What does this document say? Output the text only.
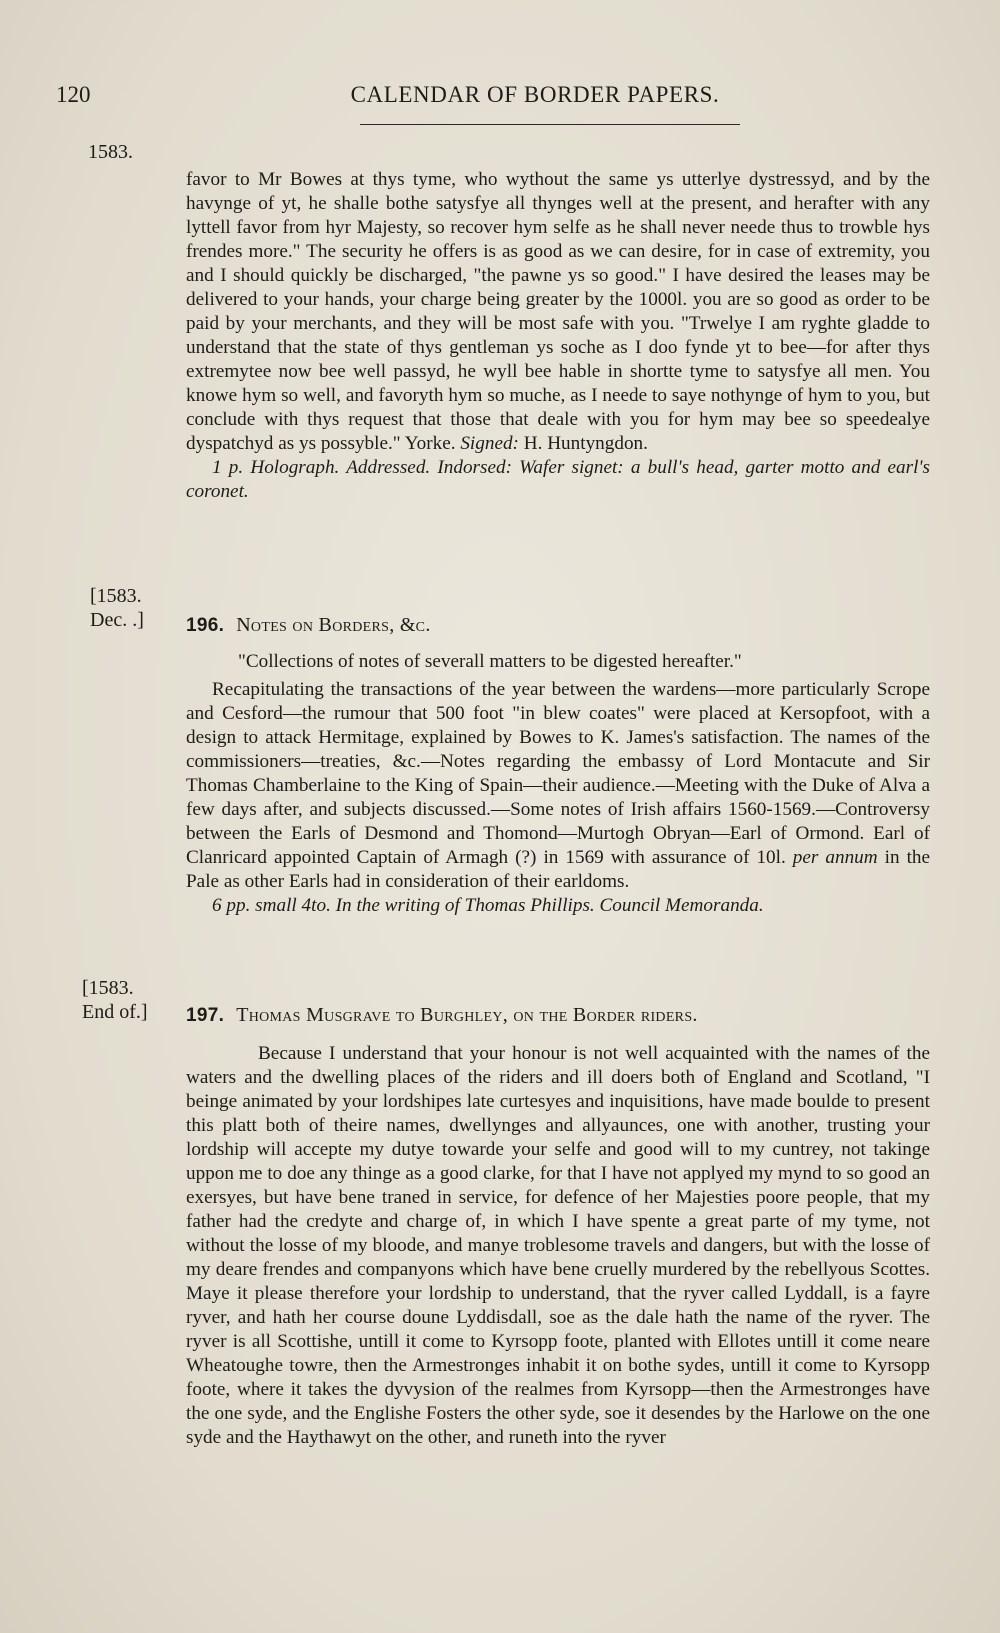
120	CALENDAR OF BORDER PAPERS.
1583.
[1583.
Dec. .]
[1583.
End of.]

favor to Mr Bowes at thys tyme, who wythout the same ys utterlye dystressyd, and by the havynge of yt, he shalle bothe satysfye all thynges well at the present, and herafter with any lyttell favor from hyr Majesty, so recover hym selfe as he shall never neede thus to trowble hys frendes more." The security he offers is as good as we can desire, for in case of extremity, you and I should quickly be discharged, "the pawne ys so good." I have desired the leases may be delivered to your hands, your charge being greater by the 1000l. you are so good as order to be paid by your merchants, and they will be most safe with you. "Trwelye I am ryghte gladde to understand that the state of thys gentleman ys soche as I doo fynde yt to bee—for after thys extremytee now bee well passyd, he wyll bee hable in shortte tyme to satysfye all men. You knowe hym so well, and favoryth hym so muche, as I neede to saye nothynge of hym to you, but conclude with thys request that those that deale with you for hym may bee so speedealye dyspatchyd as ys possyble." Yorke. Signed: H. Huntyngdon.

1 p. Holograph. Addressed. Indorsed: Wafer signet: a bull's head, garter motto and earl's coronet.

196. Notes on Borders, &c.

"Collections of notes of severall matters to be digested hereafter."

Recapitulating the transactions of the year between the wardens—more particularly Scrope and Cesford—the rumour that 500 foot "in blew coates" were placed at Kersopfoot, with a design to attack Hermitage, explained by Bowes to K. James's satisfaction. The names of the commissioners—treaties, &c.—Notes regarding the embassy of Lord Montacute and Sir Thomas Chamberlaine to the King of Spain—their audience.—Meeting with the Duke of Alva a few days after, and subjects discussed.—Some notes of Irish affairs 1560-1569.—Controversy between the Earls of Desmond and Thomond—Murtogh Obryan—Earl of Ormond. Earl of Clanricard appointed Captain of Armagh (?) in 1569 with assurance of 10l. per annum in the Pale as other Earls had in consideration of their earldoms.

6 pp. small 4to. In the writing of Thomas Phillips. Council Memoranda.

197. Thomas Musgrave to Burghley, on the Border riders.

Because I understand that your honour is not well acquainted with the names of the waters and the dwelling places of the riders and ill doers both of England and Scotland, "I beinge animated by your lordshipes late curtesyes and inquisitions, have made boulde to present this platt both of theire names, dwellynges and allyaunces, one with another, trusting your lordship will accepte my dutye towarde your selfe and good will to my cuntrey, not takinge uppon me to doe any thinge as a good clarke, for that I have not applyed my mynd to so good an exersyes, but have bene traned in service, for defence of her Majesties poore people, that my father had the credyte and charge of, in which I have spente a great parte of my tyme, not without the losse of my bloode, and manye troblesome travels and dangers, but with the losse of my deare frendes and companyons which have bene cruelly murdered by the rebellyous Scottes. Maye it please therefore your lordship to understand, that the ryver called Lyddall, is a fayre ryver, and hath her course doune Lyddisdall, soe as the dale hath the name of the ryver. The ryver is all Scottishe, untill it come to Kyrsopp foote, planted with Ellotes untill it come neare Wheatoughe towre, then the Armestronges inhabit it on bothe sydes, untill it come to Kyrsopp foote, where it takes the dyvysion of the realmes from Kyrsopp—then the Armestronges have the one syde, and the Englishe Fosters the other syde, soe it desendes by the Harlowe on the one syde and the Haythawyt on the other, and runeth into the ryver
